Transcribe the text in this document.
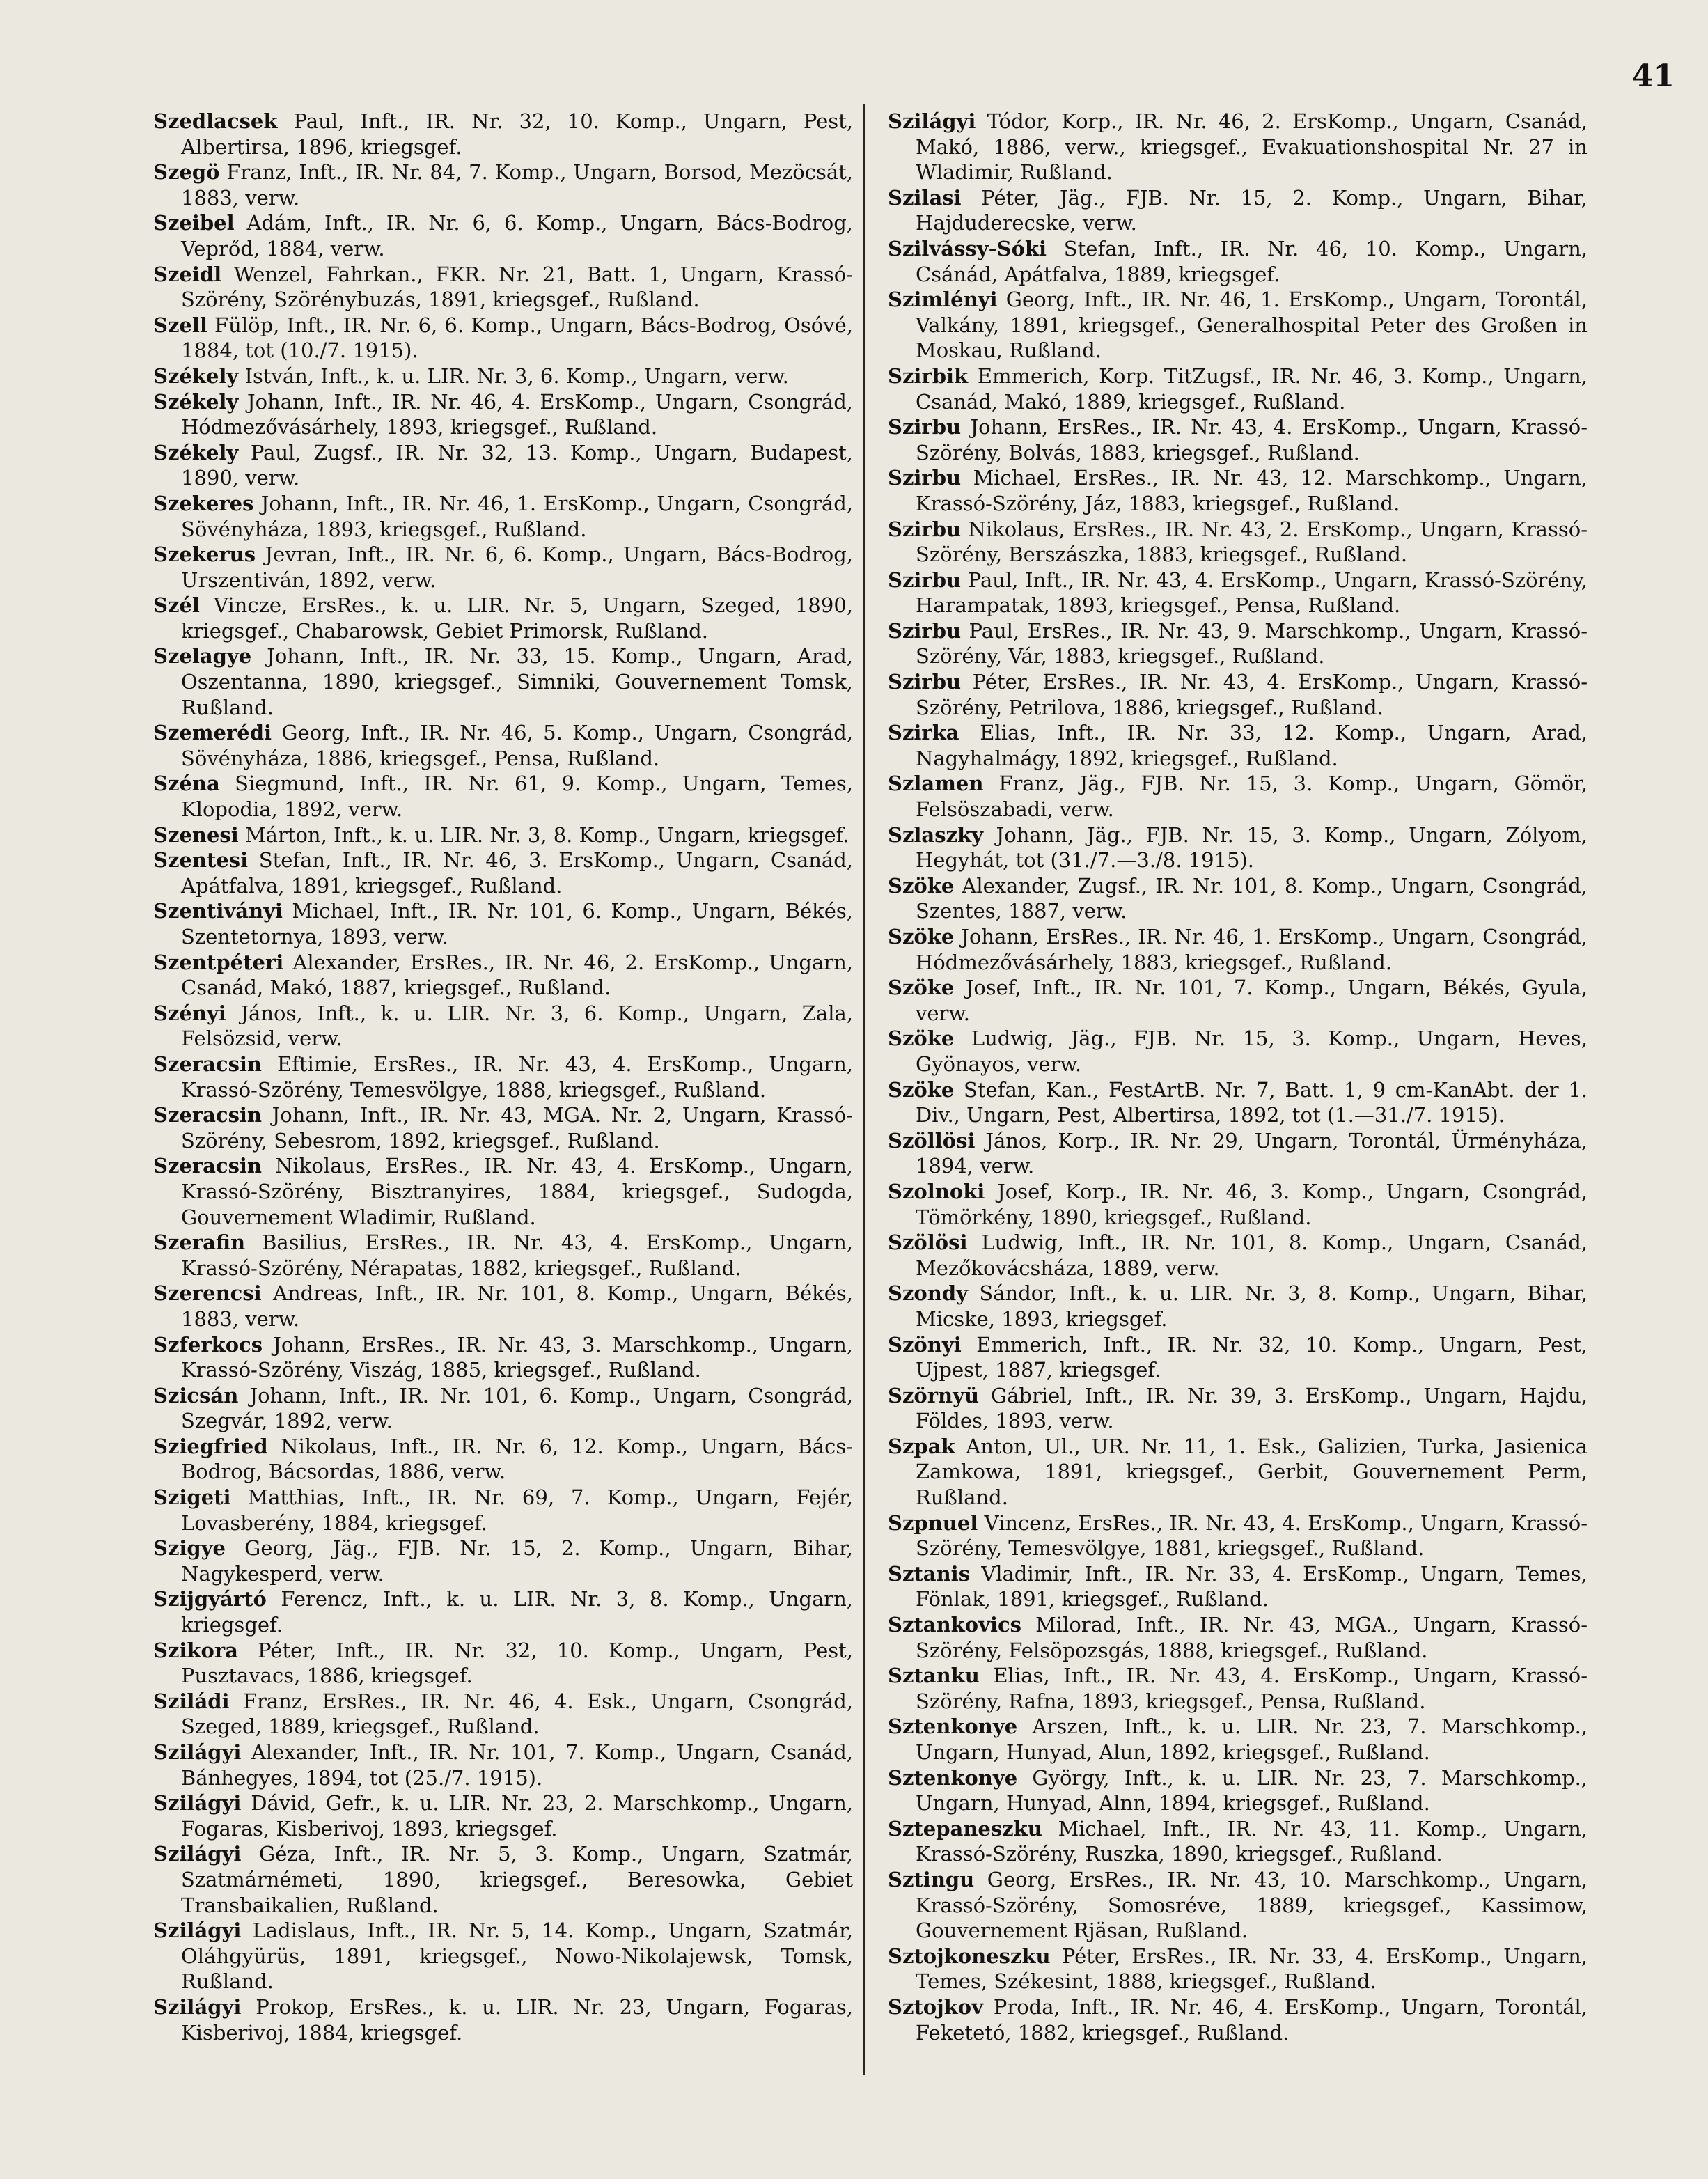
41

Szedlacsek Paul, Inft., IR. Nr. 32, 10. Komp., Ungarn, Pest, Albertirsa, 1896, kriegsgef.

Szegö Franz, Inft., IR. Nr. 84, 7. Komp., Ungarn, Borsod, Mezöcsát, 1883, verw.

Szeibel Adám, Inft., IR. Nr. 6, 6. Komp., Ungarn, Bács-Bodrog, Veprőd, 1884, verw.

Szeidl Wenzel, Fahrkan., FKR. Nr. 21, Batt. 1, Ungarn, Krassó-Szörény, Szörénybuzás, 1891, kriegsgef., Rußland.

Szell Fülöp, Inft., IR. Nr. 6, 6. Komp., Ungarn, Bács-Bodrog, Osóvé, 1884, tot (10./7. 1915).

Székely István, Inft., k. u. LIR. Nr. 3, 6. Komp., Ungarn, verw.

Székely Johann, Inft., IR. Nr. 46, 4. ErsKomp., Ungarn, Csongrád, Hódmezővásárhely, 1893, kriegsgef., Rußland.

Székely Paul, Zugsf., IR. Nr. 32, 13. Komp., Ungarn, Budapest, 1890, verw.

Szekeres Johann, Inft., IR. Nr. 46, 1. ErsKomp., Ungarn, Csongrád, Sövényháza, 1893, kriegsgef., Rußland.

Szekerus Jevran, Inft., IR. Nr. 6, 6. Komp., Ungarn, Bács-Bodrog, Urszentiván, 1892, verw.

Szél Vincze, ErsRes., k. u. LIR. Nr. 5, Ungarn, Szeged, 1890, kriegsgef., Chabarowsk, Gebiet Primorsk, Rußland.

Szelagye Johann, Inft., IR. Nr. 33, 15. Komp., Ungarn, Arad, Oszentanna, 1890, kriegsgef., Simniki, Gouvernement Tomsk, Rußland.

Szemerédi Georg, Inft., IR. Nr. 46, 5. Komp., Ungarn, Csongrád, Sövényháza, 1886, kriegsgef., Pensa, Rußland.

Széna Siegmund, Inft., IR. Nr. 61, 9. Komp., Ungarn, Temes, Klopodia, 1892, verw.

Szenesi Márton, Inft., k. u. LIR. Nr. 3, 8. Komp., Ungarn, kriegsgef.

Szentesi Stefan, Inft., IR. Nr. 46, 3. ErsKomp., Ungarn, Csanád, Apátfalva, 1891, kriegsgef., Rußland.

Szentiványi Michael, Inft., IR. Nr. 101, 6. Komp., Ungarn, Békés, Szentetornya, 1893, verw.

Szentpéteri Alexander, ErsRes., IR. Nr. 46, 2. ErsKomp., Ungarn, Csanád, Makó, 1887, kriegsgef., Rußland.

Szényi János, Inft., k. u. LIR. Nr. 3, 6. Komp., Ungarn, Zala, Felsözsid, verw.

Szeracsin Eftimie, ErsRes., IR. Nr. 43, 4. ErsKomp., Ungarn, Krassó-Szörény, Temesvölgye, 1888, kriegsgef., Rußland.

Szeracsin Johann, Inft., IR. Nr. 43, MGA. Nr. 2, Ungarn, Krassó-Szörény, Sebesrom, 1892, kriegsgef., Rußland.

Szeracsin Nikolaus, ErsRes., IR. Nr. 43, 4. ErsKomp., Ungarn, Krassó-Szörény, Bisztranyires, 1884, kriegsgef., Sudogda, Gouvernement Wladimir, Rußland.

Szerafin Basilius, ErsRes., IR. Nr. 43, 4. ErsKomp., Ungarn, Krassó-Szörény, Nérapatas, 1882, kriegsgef., Rußland.

Szerencsi Andreas, Inft., IR. Nr. 101, 8. Komp., Ungarn, Békés, 1883, verw.

Szferkocs Johann, ErsRes., IR. Nr. 43, 3. Marschkomp., Ungarn, Krassó-Szörény, Viszág, 1885, kriegsgef., Rußland.

Szicsán Johann, Inft., IR. Nr. 101, 6. Komp., Ungarn, Csongrád, Szegvár, 1892, verw.

Sziegfried Nikolaus, Inft., IR. Nr. 6, 12. Komp., Ungarn, Bács-Bodrog, Bácsordas, 1886, verw.

Szigeti Matthias, Inft., IR. Nr. 69, 7. Komp., Ungarn, Fejér, Lovasberény, 1884, kriegsgef.

Szigye Georg, Jäg., FJB. Nr. 15, 2. Komp., Ungarn, Bihar, Nagykesperd, verw.

Szijgyártó Ferencz, Inft., k. u. LIR. Nr. 3, 8. Komp., Ungarn, kriegsgef.

Szikora Péter, Inft., IR. Nr. 32, 10. Komp., Ungarn, Pest, Pusztavacs, 1886, kriegsgef.

Sziládi Franz, ErsRes., IR. Nr. 46, 4. Esk., Ungarn, Csongrád, Szeged, 1889, kriegsgef., Rußland.

Szilágyi Alexander, Inft., IR. Nr. 101, 7. Komp., Ungarn, Csanád, Bánhegyes, 1894, tot (25./7. 1915).

Szilágyi Dávid, Gefr., k. u. LIR. Nr. 23, 2. Marschkomp., Ungarn, Fogaras, Kisberivoj, 1893, kriegsgef.

Szilágyi Géza, Inft., IR. Nr. 5, 3. Komp., Ungarn, Szatmár, Szatmárnémeti, 1890, kriegsgef., Beresowka, Gebiet Transbaikalien, Rußland.

Szilágyi Ladislaus, Inft., IR. Nr. 5, 14. Komp., Ungarn, Szatmár, Oláhgyürüs, 1891, kriegsgef., Nowo-Nikolajewsk, Tomsk, Rußland.

Szilágyi Prokop, ErsRes., k. u. LIR. Nr. 23, Ungarn, Fogaras, Kisberivoj, 1884, kriegsgef.

Szilágyi Tódor, Korp., IR. Nr. 46, 2. ErsKomp., Ungarn, Csanád, Makó, 1886, verw., kriegsgef., Evakuationshospital Nr. 27 in Wladimir, Rußland.

Szilasi Péter, Jäg., FJB. Nr. 15, 2. Komp., Ungarn, Bihar, Hajduderecske, verw.

Szilvássy-Sóki Stefan, Inft., IR. Nr. 46, 10. Komp., Ungarn, Csánád, Apátfalva, 1889, kriegsgef.

Szimlényi Georg, Inft., IR. Nr. 46, 1. ErsKomp., Ungarn, Torontál, Valkány, 1891, kriegsgef., Generalhospital Peter des Großen in Moskau, Rußland.

Szirbik Emmerich, Korp. TitZugsf., IR. Nr. 46, 3. Komp., Ungarn, Csanád, Makó, 1889, kriegsgef., Rußland.

Szirbu Johann, ErsRes., IR. Nr. 43, 4. ErsKomp., Ungarn, Krassó-Szörény, Bolvás, 1883, kriegsgef., Rußland.

Szirbu Michael, ErsRes., IR. Nr. 43, 12. Marschkomp., Ungarn, Krassó-Szörény, Jáz, 1883, kriegsgef., Rußland.

Szirbu Nikolaus, ErsRes., IR. Nr. 43, 2. ErsKomp., Ungarn, Krassó-Szörény, Berszászka, 1883, kriegsgef., Rußland.

Szirbu Paul, Inft., IR. Nr. 43, 4. ErsKomp., Ungarn, Krassó-Szörény, Harampatak, 1893, kriegsgef., Pensa, Rußland.

Szirbu Paul, ErsRes., IR. Nr. 43, 9. Marschkomp., Ungarn, Krassó-Szörény, Vár, 1883, kriegsgef., Rußland.

Szirbu Péter, ErsRes., IR. Nr. 43, 4. ErsKomp., Ungarn, Krassó-Szörény, Petrilova, 1886, kriegsgef., Rußland.

Szirka Elias, Inft., IR. Nr. 33, 12. Komp., Ungarn, Arad, Nagyhalmágy, 1892, kriegsgef., Rußland.

Szlamen Franz, Jäg., FJB. Nr. 15, 3. Komp., Ungarn, Gömör, Felsöszabadi, verw.

Szlaszky Johann, Jäg., FJB. Nr. 15, 3. Komp., Ungarn, Zólyom, Hegyhát, tot (31./7.—3./8. 1915).

Szöke Alexander, Zugsf., IR. Nr. 101, 8. Komp., Ungarn, Csongrád, Szentes, 1887, verw.

Szöke Johann, ErsRes., IR. Nr. 46, 1. ErsKomp., Ungarn, Csongrád, Hódmezővásárhely, 1883, kriegsgef., Rußland.

Szöke Josef, Inft., IR. Nr. 101, 7. Komp., Ungarn, Békés, Gyula, verw.

Szöke Ludwig, Jäg., FJB. Nr. 15, 3. Komp., Ungarn, Heves, Gyönayos, verw.

Szöke Stefan, Kan., FestArtB. Nr. 7, Batt. 1, 9 cm-KanAbt. der 1. Div., Ungarn, Pest, Albertirsa, 1892, tot (1.—31./7. 1915).

Szöllösi János, Korp., IR. Nr. 29, Ungarn, Torontál, Ürményháza, 1894, verw.

Szolnoki Josef, Korp., IR. Nr. 46, 3. Komp., Ungarn, Csongrád, Tömörkény, 1890, kriegsgef., Rußland.

Szölösi Ludwig, Inft., IR. Nr. 101, 8. Komp., Ungarn, Csanád, Mezőkovácsháza, 1889, verw.

Szondy Sándor, Inft., k. u. LIR. Nr. 3, 8. Komp., Ungarn, Bihar, Micske, 1893, kriegsgef.

Szönyi Emmerich, Inft., IR. Nr. 32, 10. Komp., Ungarn, Pest, Ujpest, 1887, kriegsgef.

Szörnyü Gábriel, Inft., IR. Nr. 39, 3. ErsKomp., Ungarn, Hajdu, Földes, 1893, verw.

Szpak Anton, Ul., UR. Nr. 11, 1. Esk., Galizien, Turka, Jasienica Zamkowa, 1891, kriegsgef., Gerbit, Gouvernement Perm, Rußland.

Szpnuel Vincenz, ErsRes., IR. Nr. 43, 4. ErsKomp., Ungarn, Krassó-Szörény, Temesvölgye, 1881, kriegsgef., Rußland.

Sztanis Vladimir, Inft., IR. Nr. 33, 4. ErsKomp., Ungarn, Temes, Fönlak, 1891, kriegsgef., Rußland.

Sztankovics Milorad, Inft., IR. Nr. 43, MGA., Ungarn, Krassó-Szörény, Felsöpozsgás, 1888, kriegsgef., Rußland.

Sztanku Elias, Inft., IR. Nr. 43, 4. ErsKomp., Ungarn, Krassó-Szörény, Rafna, 1893, kriegsgef., Pensa, Rußland.

Sztenkonye Arszen, Inft., k. u. LIR. Nr. 23, 7. Marschkomp., Ungarn, Hunyad, Alun, 1892, kriegsgef., Rußland.

Sztenkonye György, Inft., k. u. LIR. Nr. 23, 7. Marschkomp., Ungarn, Hunyad, Alnn, 1894, kriegsgef., Rußland.

Sztepaneszku Michael, Inft., IR. Nr. 43, 11. Komp., Ungarn, Krassó-Szörény, Ruszka, 1890, kriegsgef., Rußland.

Sztingu Georg, ErsRes., IR. Nr. 43, 10. Marschkomp., Ungarn, Krassó-Szörény, Somosréve, 1889, kriegsgef., Kassimow, Gouvernement Rjäsan, Rußland.

Sztojkoneszku Péter, ErsRes., IR. Nr. 33, 4. ErsKomp., Ungarn, Temes, Székesint, 1888, kriegsgef., Rußland.

Sztojkov Proda, Inft., IR. Nr. 46, 4. ErsKomp., Ungarn, Torontál, Feketetó, 1882, kriegsgef., Rußland.
